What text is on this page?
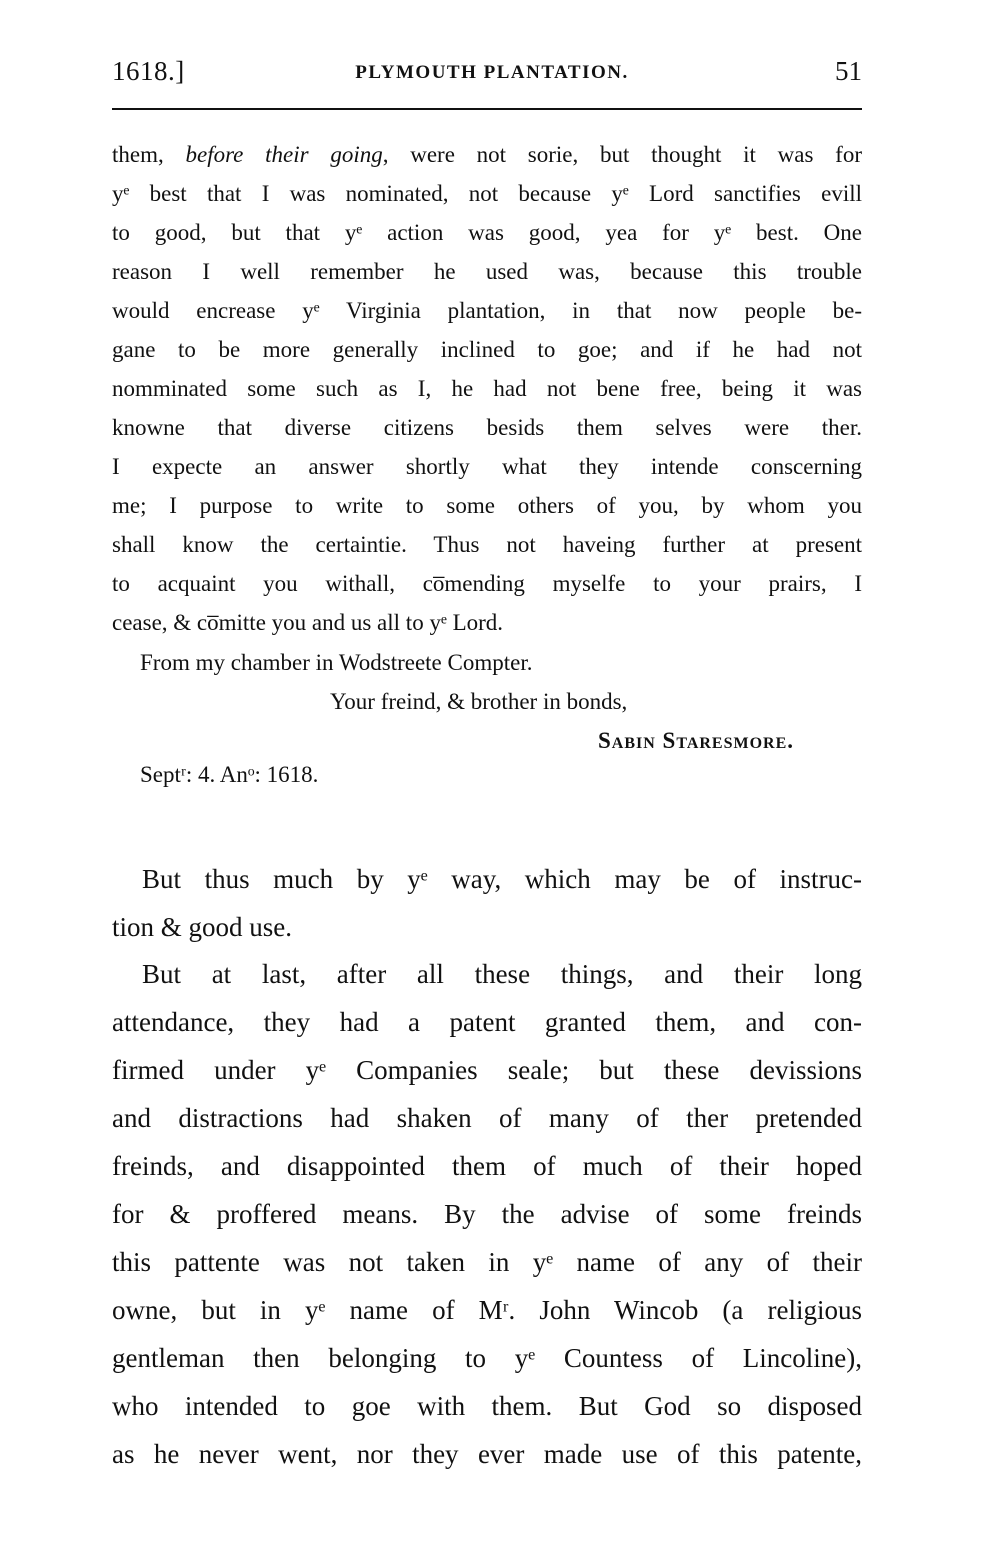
1618.]	PLYMOUTH PLANTATION.	51
them, before their going, were not sorie, but thought it was for
yᵉ best that I was nominated, not because yᵉ Lord sanctifies evill
to good, but that yᵉ action was good, yea for yᵉ best. One
reason I well remember he used was, because this trouble
would encrease yᵉ Virginia plantation, in that now people be-
gane to be more generally inclined to goe; and if he had not
nomminated some such as I, he had not bene free, being it was
knowne that diverse citizens besids them selves were ther.
I expecte an answer shortly what they intende conscerning
me; I purpose to write to some others of you, by whom you
shall know the certaintie. Thus not haveing further at present
to acquaint you withall, co̅mending myselfe to your prairs, I
cease, & co̅mitte you and us all to yᵉ Lord.
From my chamber in Wodstreete Compter.
Your freind, & brother in bonds,
Sabin Staresmore.
Septʳ: 4. Anᵒ: 1618.
But thus much by yᵉ way, which may be of instruc-
tion & good use.
But at last, after all these things, and their long
attendance, they had a patent granted them, and con-
firmed under yᵉ Companies seale; but these devissions
and distractions had shaken of many of ther pretended
freinds, and disappointed them of much of their hoped
for & proffered means. By the advise of some freinds
this pattente was not taken in yᵉ name of any of their
owne, but in yᵉ name of Mʳ. John Wincob (a religious
gentleman then belonging to yᵉ Countess of Lincoline),
who intended to goe with them. But God so disposed
as he never went, nor they ever made use of this patente,
